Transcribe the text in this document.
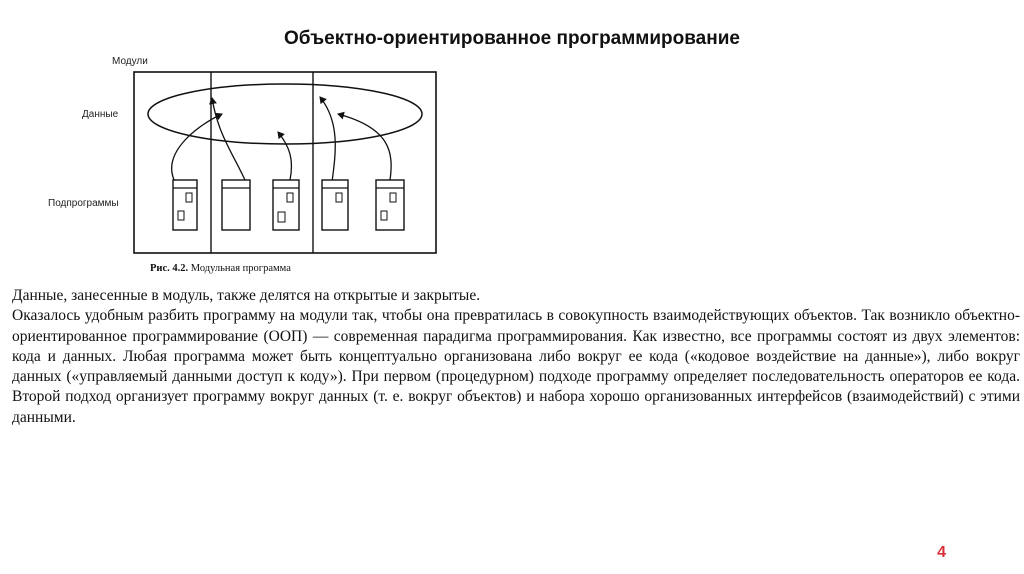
Объектно-ориентированное программирование
Модули
Данные
Подпрограммы
Рис. 4.2. Модульная программа

Данные, занесенные в модуль, также делятся на открытые и закрытые.

Оказалось удобным разбить программу на модули так, чтобы она превратилась в совокупность взаимодействующих объектов. Так возникло объектно-ориентированное программирование (ООП) — современная парадигма программирования. Как известно, все программы состоят из двух элементов: кода и данных. Любая программа может быть концептуально организована либо вокруг ее кода («кодовое воздействие на данные»), либо вокруг данных («управляемый данными доступ к коду»). При первом (процедурном) подходе программу определяет последовательность операторов ее кода. Второй подход организует программу вокруг данных (т. е. вокруг объектов) и набора хорошо организованных интерфейсов (взаимодействий) с этими данными.

4
